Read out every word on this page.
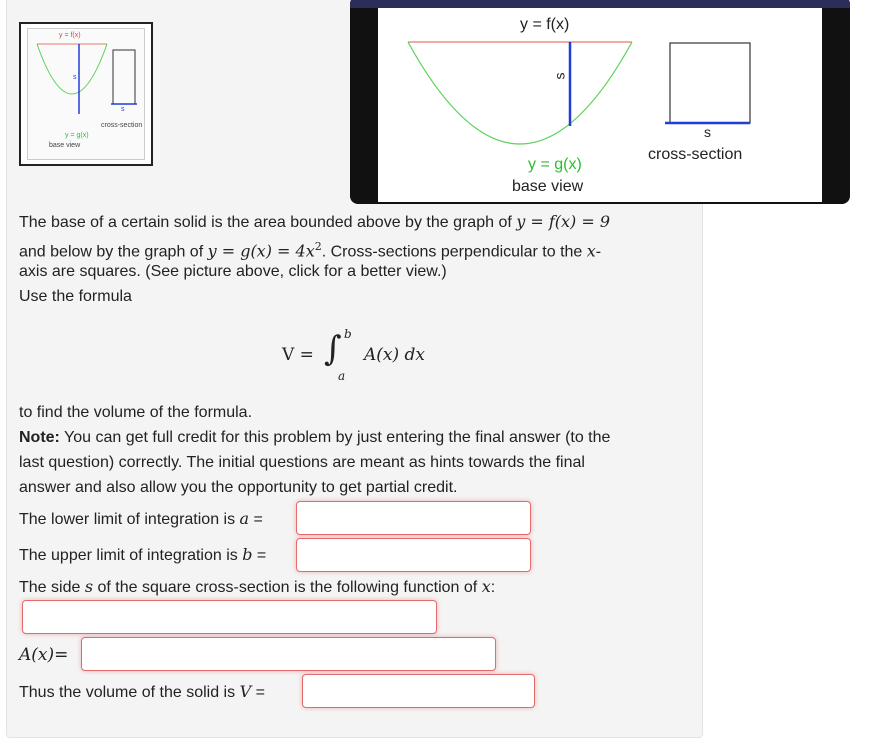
y = f(x)
s
y = g(x)
base view
cross-section
s
y = f(x)
s
y = g(x)
base view
s
cross-section
The base of a certain solid is the area bounded above by the graph of y = f(x) = 9
and below by the graph of $y = g(x) = 4x^2$. Cross-sections perpendicular to the x-
axis are squares. (See picture above, click for a better view.)
Use the formula
V = ∫ b
a
A(x) dx
to find the volume of the formula.
Note: You can get full credit for this problem by just entering the final answer (to the
last question) correctly. The initial questions are meant as hints towards the final
answer and also allow you the opportunity to get partial credit.
The lower limit of integration is a =
The upper limit of integration is b =
The side s of the square cross-section is the following function of x:
A(x)=
Thus the volume of the solid is V =
